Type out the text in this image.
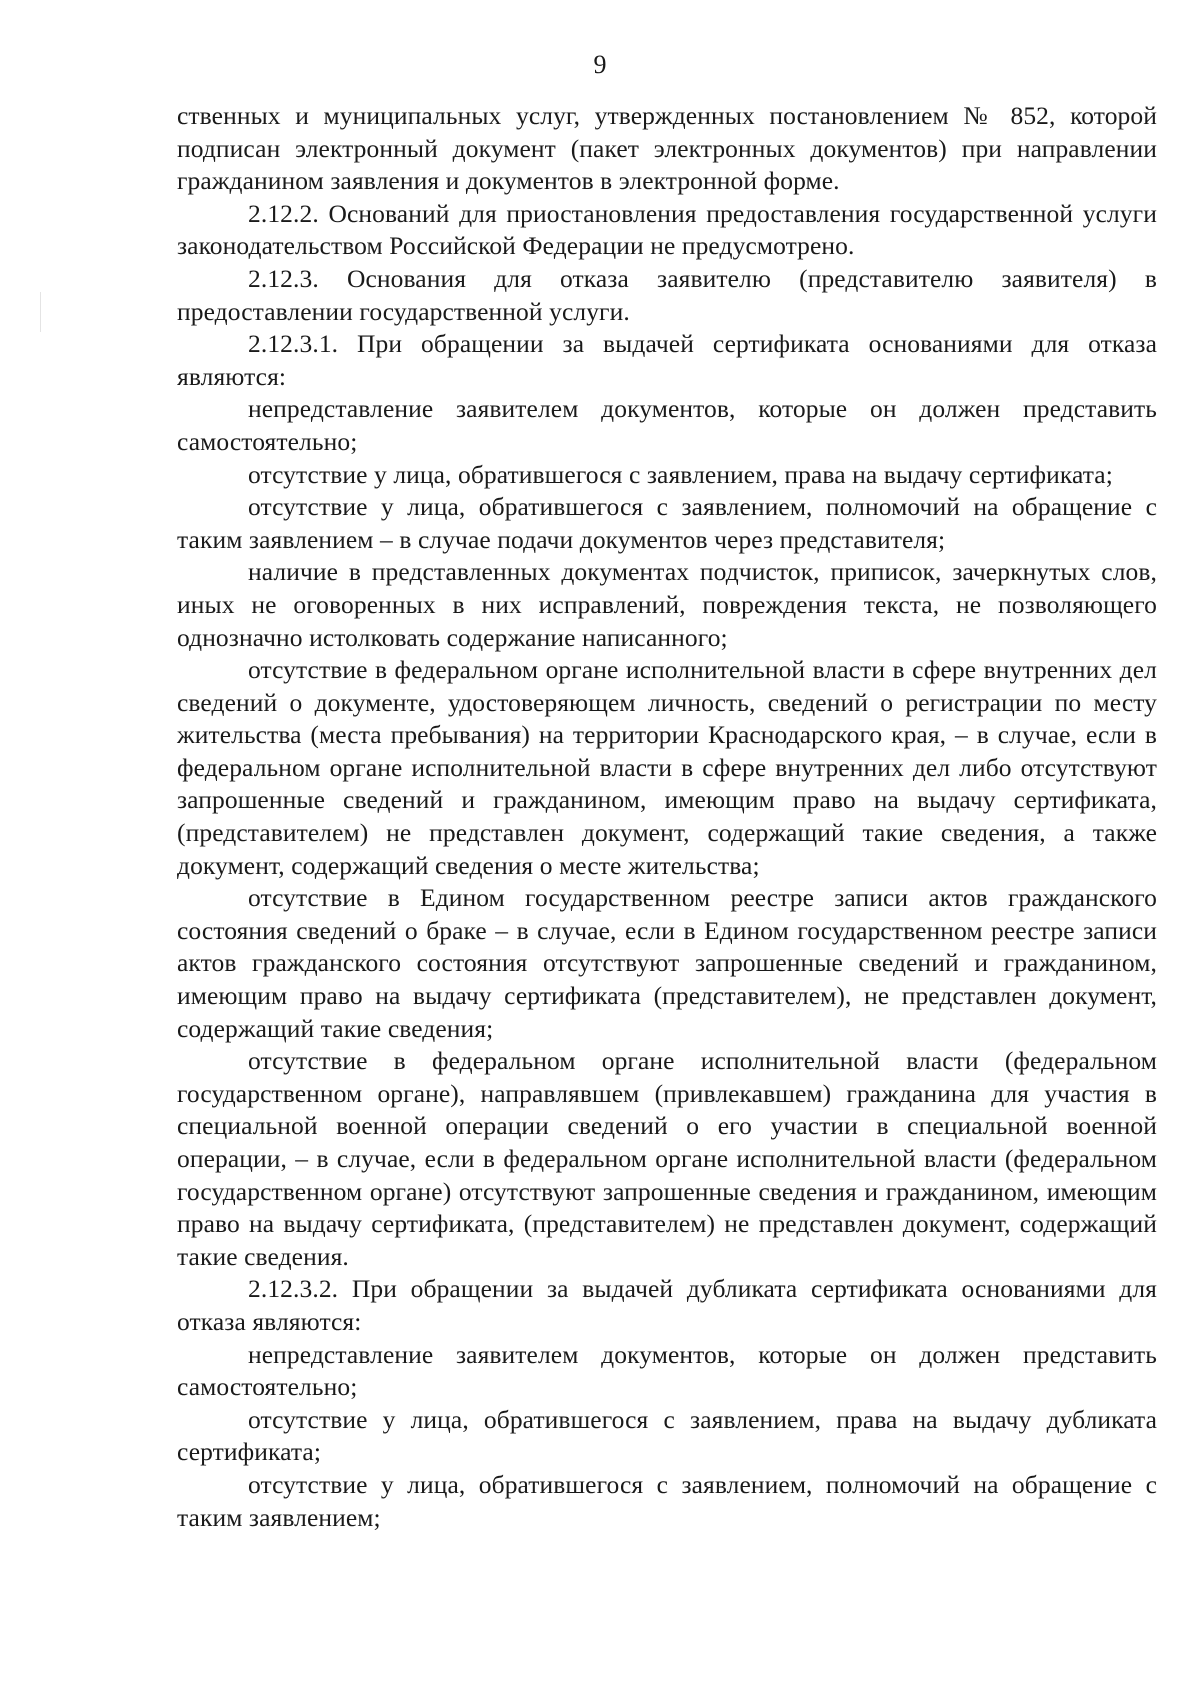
9

ственных и муниципальных услуг, утвержденных постановлением № 852, которой подписан электронный документ (пакет электронных документов) при направлении гражданином заявления и документов в электронной форме.

2.12.2. Оснований для приостановления предоставления государственной услуги законодательством Российской Федерации не предусмотрено.

2.12.3. Основания для отказа заявителю (представителю заявителя) в предоставлении государственной услуги.

2.12.3.1. При обращении за выдачей сертификата основаниями для отказа являются:

непредставление заявителем документов, которые он должен представить самостоятельно;

отсутствие у лица, обратившегося с заявлением, права на выдачу сертификата;

отсутствие у лица, обратившегося с заявлением, полномочий на обращение с таким заявлением – в случае подачи документов через представителя;

наличие в представленных документах подчисток, приписок, зачеркнутых слов, иных не оговоренных в них исправлений, повреждения текста, не позволяющего однозначно истолковать содержание написанного;

отсутствие в федеральном органе исполнительной власти в сфере внутренних дел сведений о документе, удостоверяющем личность, сведений о регистрации по месту жительства (места пребывания) на территории Краснодарского края, – в случае, если в федеральном органе исполнительной власти в сфере внутренних дел либо отсутствуют запрошенные сведений и гражданином, имеющим право на выдачу сертификата, (представителем) не представлен документ, содержащий такие сведения, а также документ, содержащий сведения о месте жительства;

отсутствие в Едином государственном реестре записи актов гражданского состояния сведений о браке – в случае, если в Едином государственном реестре записи актов гражданского состояния отсутствуют запрошенные сведений и гражданином, имеющим право на выдачу сертификата (представителем), не представлен документ, содержащий такие сведения;

отсутствие в федеральном органе исполнительной власти (федеральном государственном органе), направлявшем (привлекавшем) гражданина для участия в специальной военной операции сведений о его участии в специальной военной операции, – в случае, если в федеральном органе исполнительной власти (федеральном государственном органе) отсутствуют запрошенные сведения и гражданином, имеющим право на выдачу сертификата, (представителем) не представлен документ, содержащий такие сведения.

2.12.3.2. При обращении за выдачей дубликата сертификата основаниями для отказа являются:

непредставление заявителем документов, которые он должен представить самостоятельно;

отсутствие у лица, обратившегося с заявлением, права на выдачу дубликата сертификата;

отсутствие у лица, обратившегося с заявлением, полномочий на обращение с таким заявлением;
